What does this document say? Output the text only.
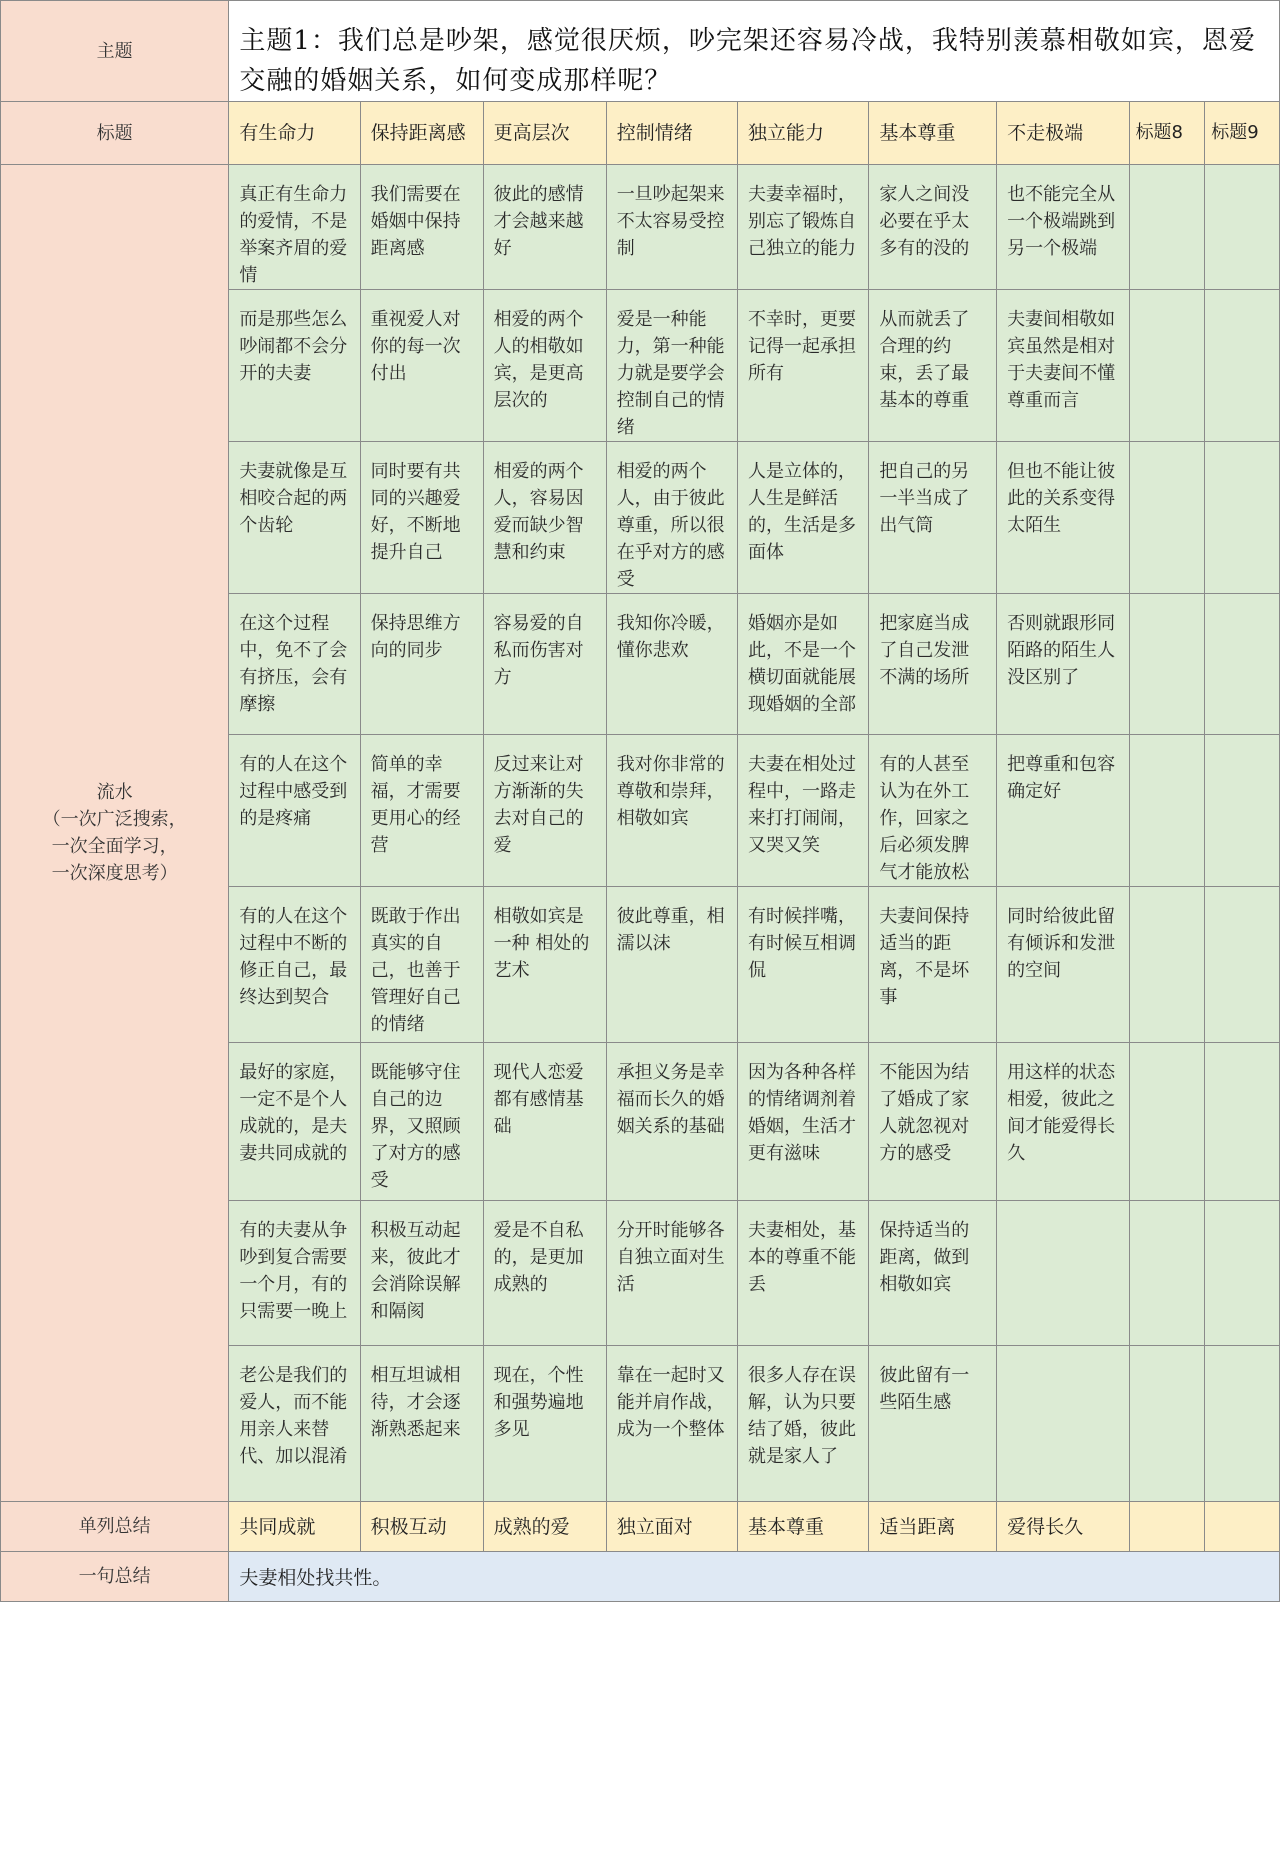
主题	主题1：我们总是吵架，感觉很厌烦，吵完架还容易冷战，我特别羡慕相敬如宾，恩爱交融的婚姻关系，如何变成那样呢？								
标题	有生命力	保持距离感	更高层次	控制情绪	独立能力	基本尊重	不走极端	标题8	标题9

流水
（一次广泛搜索，
一次全面学习，
一次深度思考）	真正有生命力的爱情，不是举案齐眉的爱情	我们需要在婚姻中保持距离感	彼此的感情才会越来越好	一旦吵起架来不太容易受控制	夫妻幸福时，别忘了锻炼自己独立的能力	家人之间没必要在乎太多有的没的	也不能完全从一个极端跳到另一个极端		
	而是那些怎么吵闹都不会分开的夫妻	重视爱人对你的每一次付出	相爱的两个人的相敬如宾，是更高层次的	爱是一种能力，第一种能力就是要学会控制自己的情绪	不幸时，更要记得一起承担所有	从而就丢了合理的约束，丢了最基本的尊重	夫妻间相敬如宾虽然是相对于夫妻间不懂尊重而言		
	夫妻就像是互相咬合起的两个齿轮	同时要有共同的兴趣爱好，不断地提升自己	相爱的两个人，容易因爱而缺少智慧和约束	相爱的两个人，由于彼此尊重，所以很在乎对方的感受	人是立体的，人生是鲜活的，生活是多面体	把自己的另一半当成了出气筒	但也不能让彼此的关系变得太陌生		
	在这个过程中，免不了会有挤压，会有摩擦	保持思维方向的同步	容易爱的自私而伤害对方	我知你冷暖，懂你悲欢	婚姻亦是如此，不是一个横切面就能展现婚姻的全部	把家庭当成了自己发泄不满的场所	否则就跟形同陌路的陌生人没区别了		
	有的人在这个过程中感受到的是疼痛	简单的幸福，才需要更用心的经营	反过来让对方渐渐的失去对自己的爱	我对你非常的尊敬和崇拜，相敬如宾	夫妻在相处过程中，一路走来打打闹闹，又哭又笑	有的人甚至认为在外工作，回家之后必须发脾气才能放松	把尊重和包容确定好		
	有的人在这个过程中不断的修正自己，最终达到契合	既敢于作出真实的自己，也善于管理好自己的情绪	相敬如宾是一种 相处的艺术	彼此尊重，相濡以沫	有时候拌嘴，有时候互相调侃	夫妻间保持适当的距离，不是坏事	同时给彼此留有倾诉和发泄的空间		
	最好的家庭，一定不是个人成就的，是夫妻共同成就的	既能够守住自己的边界，又照顾了对方的感受	现代人恋爱都有感情基础	承担义务是幸福而长久的婚姻关系的基础	因为各种各样的情绪调剂着婚姻，生活才更有滋味	不能因为结了婚成了家人就忽视对方的感受	用这样的状态相爱，彼此之间才能爱得长久		
	有的夫妻从争吵到复合需要一个月，有的只需要一晚上	积极互动起来，彼此才会消除误解和隔阂	爱是不自私的，是更加成熟的	分开时能够各自独立面对生活	夫妻相处，基本的尊重不能丢	保持适当的距离，做到相敬如宾			
	老公是我们的爱人，而不能用亲人来替代、加以混淆	相互坦诚相待，才会逐渐熟悉起来	现在，个性和强势遍地多见	靠在一起时又能并肩作战，成为一个整体	很多人存在误解，认为只要结了婚，彼此就是家人了	彼此留有一些陌生感			
单列总结	共同成就	积极互动	成熟的爱	独立面对	基本尊重	适当距离	爱得长久		
一句总结	夫妻相处找共性。								
